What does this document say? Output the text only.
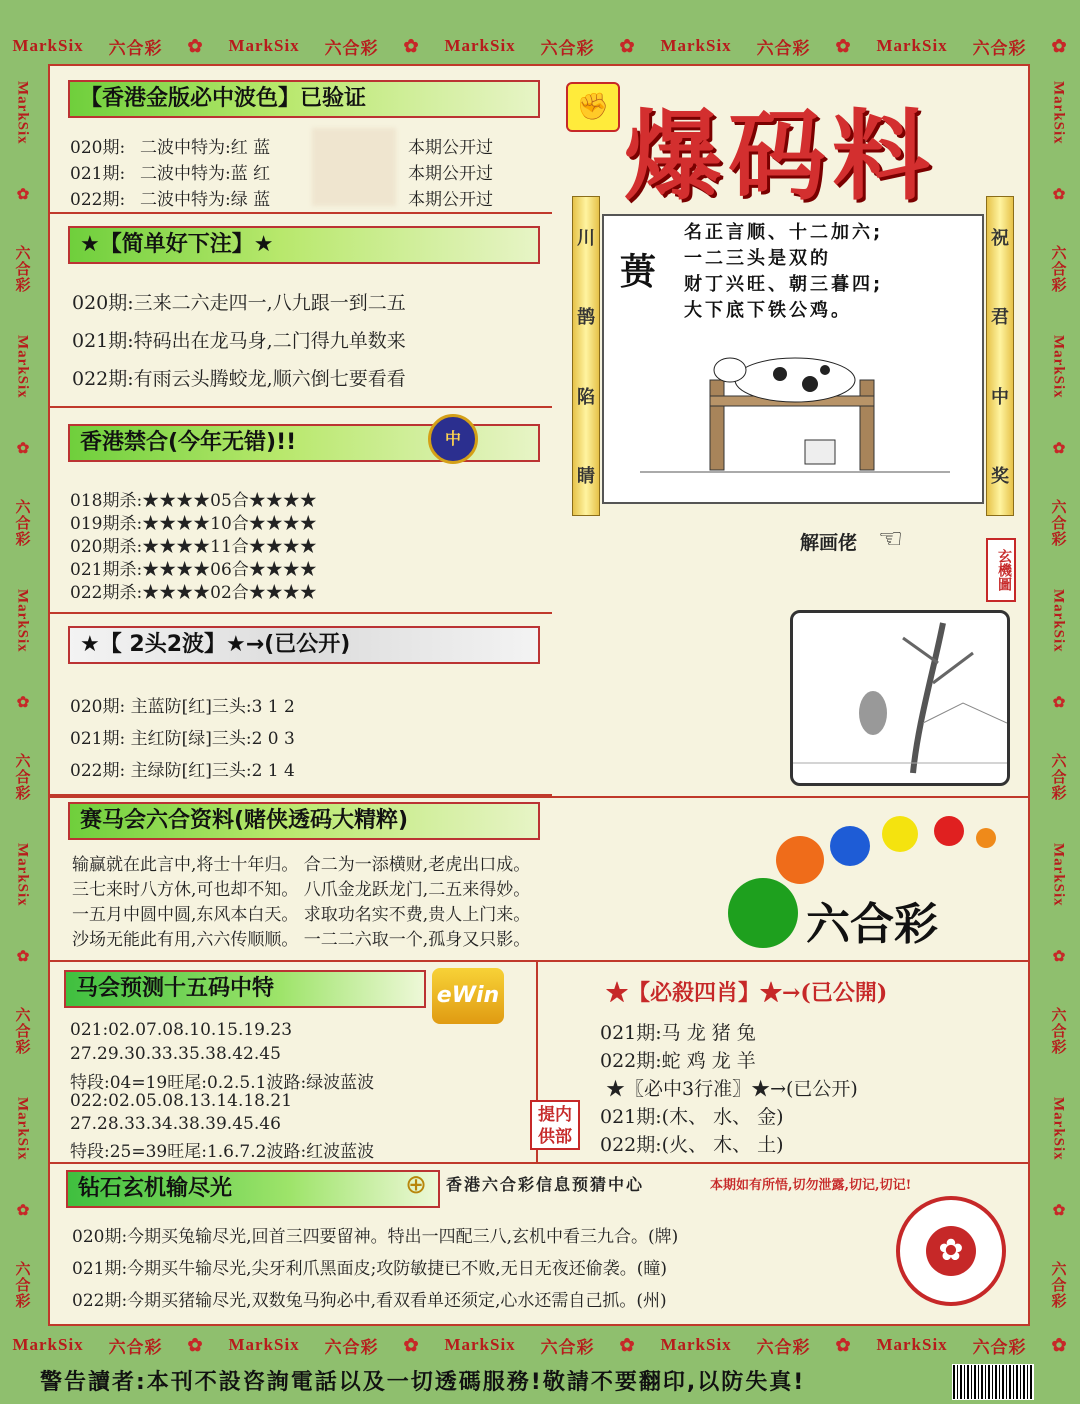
MarkSix 六合彩 ✿ MarkSix 六合彩 ✿ MarkSix 六合彩 ✿ MarkSix 六合彩 ✿ MarkSix 六合彩 ✿
MarkSix 六合彩 ✿ MarkSix 六合彩 ✿ MarkSix 六合彩 ✿ MarkSix 六合彩 ✿ MarkSix 六合彩 ✿
MarkSix
✿
六合彩
MarkSix
✿
六合彩
MarkSix
✿
六合彩
MarkSix
✿
六合彩
MarkSix
✿
六合彩
MarkSix
✿
六合彩
MarkSix
✿
六合彩
MarkSix
✿
六合彩
MarkSix
✿
六合彩
MarkSix
✿
六合彩
【香港金版必中波色】已验证
020期: 二波中特为:红 蓝	本期公开过
021期: 二波中特为:蓝 红	本期公开过
022期: 二波中特为:绿 蓝	本期公开过
★【简单好下注】★
020期:三来二六走四一,八九跟一到二五
021期:特码出在龙马身,二门得九单数来
022期:有雨云头腾蛟龙,顺六倒七要看看
香港禁合(今年无错)!!	中
018期杀:★★★★05合★★★★
019期杀:★★★★10合★★★★
020期杀:★★★★11合★★★★
021期杀:★★★★06合★★★★
022期杀:★★★★02合★★★★
★【 2头2波】★→(已公开)
020期: 主蓝防[红]三头:3 1 2
021期: 主红防[绿]三头:2 0 3
022期: 主绿防[红]三头:2 1 4
✊ 爆码料
川
鹊
陷
睛
祝
君
中
奖
蒉
名正言顺、十二加六;
一二三头是双的
财丁兴旺、朝三暮四;
大下底下铁公鸡。
解画佬 ☜
玄機圖
赛马会六合资料(赌侠透码大精粹)
输赢就在此言中,将士十年归。 合二为一添横财,老虎出口成。
三七来时八方休,可也却不知。 八爪金龙跃龙门,二五来得妙。
一五月中圆中圆,东风本白天。 求取功名实不费,贵人上门来。
沙场无能此有用,六六传顺顺。 一二二六取一个,孤身又只影。	六合彩
马会预测十五码中特	eWin
021:02.07.08.10.15.19.23
27.29.30.33.35.38.42.45
特段:04=19旺尾:0.2.5.1波路:绿波蓝波
022:02.05.08.13.14.18.21
27.28.33.34.38.39.45.46
特段:25=39旺尾:1.6.7.2波路:红波蓝波
★【必殺四肖】★→(已公開)
021期:马 龙 猪 兔
022期:蛇 鸡 龙 羊
★〖必中3行准〗★→(已公开)
021期:(木、 水、 金)
022期:(火、 木、 土)
提内供部
钻石玄机输尽光	⊕	香港六合彩信息预猜中心	本期如有所悟,切勿泄露,切记,切记!
020期:今期买兔输尽光,回首三四要留神。特出一四配三八,玄机中看三九合。(牌)
021期:今期买牛输尽光,尖牙利爪黑面皮;攻防敏捷已不败,无日无夜还偷袭。(瞳)
022期:今期买猪输尽光,双数兔马狗必中,看双看单还须定,心水还需自己抓。(州)
✿
警告讀者:本刊不設咨詢電話以及一切透碼服務!敬請不要翻印,以防失真!
